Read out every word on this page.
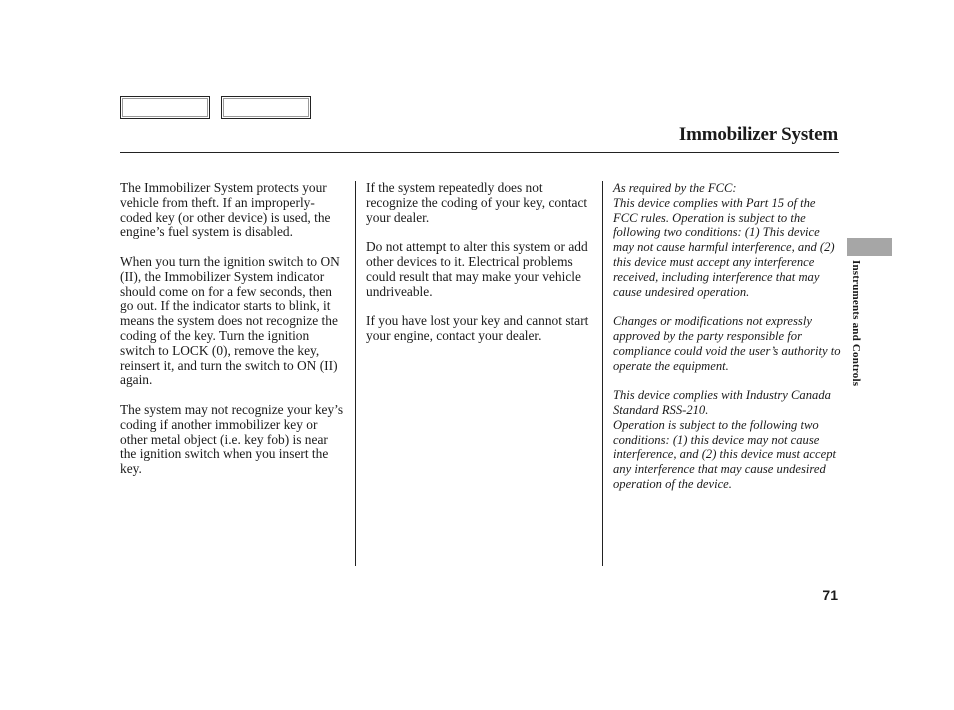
Immobilizer System

The Immobilizer System protects your vehicle from theft. If an improperly-coded key (or other device) is used, the engine’s fuel system is disabled.

When you turn the ignition switch to ON (II), the Immobilizer System indicator should come on for a few seconds, then go out. If the indicator starts to blink, it means the system does not recognize the coding of the key. Turn the ignition switch to LOCK (0), remove the key, reinsert it, and turn the switch to ON (II) again.

The system may not recognize your key’s coding if another immobilizer key or other metal object (i.e. key fob) is near the ignition switch when you insert the key.

If the system repeatedly does not recognize the coding of your key, contact your dealer.

Do not attempt to alter this system or add other devices to it. Electrical problems could result that may make your vehicle undriveable.

If you have lost your key and cannot start your engine, contact your dealer.

As required by the FCC:

This device complies with Part 15 of the FCC rules. Operation is subject to the following two conditions: (1) This device may not cause harmful interference, and (2) this device must accept any interference received, including interference that may cause undesired operation.

Changes or modifications not expressly approved by the party responsible for compliance could void the user’s authority to operate the equipment.

This device complies with Industry Canada Standard RSS-210.

Operation is subject to the following two conditions: (1) this device may not cause interference, and (2) this device must accept any interference that may cause undesired operation of the device.

Instruments and Controls
71
